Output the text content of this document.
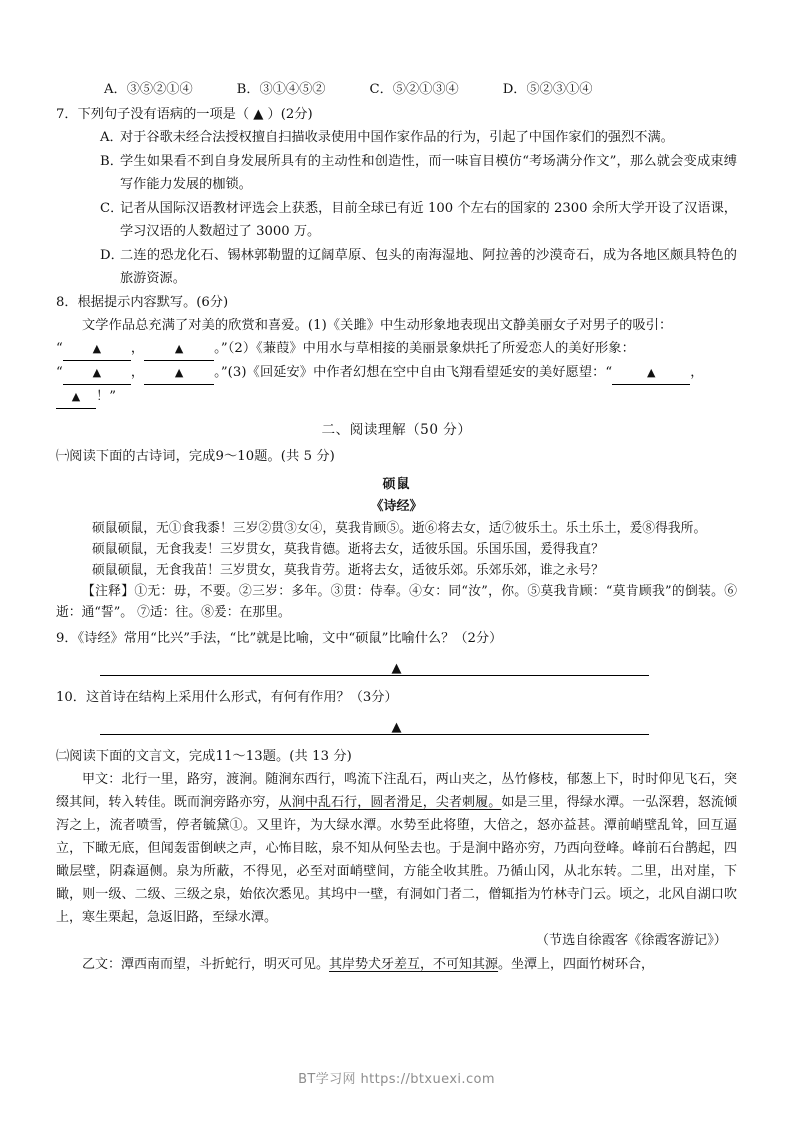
A．③⑤②①④	B．③①④⑤②	C．⑤②①③④	D．⑤②③①④
7．下列句子没有语病的一项是（ ▲ ）(2分)
A．
对于谷歌未经合法授权擅自扫描收录使用中国作家作品的行为，引起了中国作家们的强烈不满。
B．
学生如果看不到自身发展所具有的主动性和创造性，而一味盲目模仿“考场满分作文”，那么就会变成束缚写作能力发展的枷锁。
C．
记者从国际汉语教材评选会上获悉，目前全球已有近 100 个左右的国家的 2300 余所大学开设了汉语课，学习汉语的人数超过了 3000 万。
D．
二连的恐龙化石、锡林郭勒盟的辽阔草原、包头的南海湿地、阿拉善的沙漠奇石，成为各地区颇具特色的旅游资源。
8．根据提示内容默写。(6分)
文学作品总充满了对美的欣赏和喜爱。(1)《关雎》中生动形象地表现出文静美丽女子对男子的吸引：
“	▲ ，	▲ 。”（2）《蒹葭》中用水与草相接的美丽景象烘托了所爱恋人的美好形象：
“	▲ ，	▲ 。”(3)《回延安》中作者幻想在空中自由飞翔看望延安的美好愿望：“	▲	，
▲ ！”
二、阅读理解（50 分）
㈠阅读下面的古诗词，完成9～10题。(共 5 分)
硕鼠
《诗经》
硕鼠硕鼠，无①食我黍！三岁②贯③女④，莫我肯顾⑤。逝⑥将去女，适⑦彼乐土。乐土乐土，爰⑧得我所。
硕鼠硕鼠，无食我麦！三岁贯女，莫我肯德。逝将去女，适彼乐国。乐国乐国，爰得我直？
硕鼠硕鼠，无食我苗！三岁贯女，莫我肯劳。逝将去女，适彼乐郊。乐郊乐郊，谁之永号？
【注释】①无：毋，不要。②三岁：多年。③贯：侍奉。④女：同“汝”，你。⑤莫我肯顾：“莫肯顾我”的倒装。⑥逝：通“誓”。 ⑦适：往。⑧爰：在那里。
9．《诗经》常用“比兴”手法，“比”就是比喻，文中“硕鼠”比喻什么？（2分）
▲
10．这首诗在结构上采用什么形式，有何有作用？（3分）
▲
㈡阅读下面的文言文，完成11～13题。(共 13 分)
甲文：北行一里，路穷，渡涧。随涧东西行，鸣流下注乱石，两山夹之，丛竹修枝，郁葱上下，时时仰见飞石，突缀其间，转入转佳。既而涧旁路亦穷，从涧中乱石行，圆者滑足，尖者刺履。如是三里，得绿水潭。一弘深碧，怒流倾泻之上，流者喷雪，停者毓黛①。又里许，为大绿水潭。水势至此将堕，大倍之，怒亦益甚。潭前峭壁乱耸，回互逼立，下瞰无底，但闻轰雷倒峡之声，心怖目眩，泉不知从何坠去也。于是涧中路亦穷，乃西向登峰。峰前石台鹊起，四瞰层壁，阴森逼侧。泉为所蔽，不得见，必至对面峭壁间，方能全收其胜。乃循山冈，从北东转。二里，出对崖，下瞰，则一级、二级、三级之泉，始依次悉见。其坞中一壁，有洞如门者二，僧辄指为竹林寺门云。顷之，北风自湖口吹上，寒生栗起，急返旧路，至绿水潭。
（节选自徐霞客《徐霞客游记》）
乙文：潭西南而望，斗折蛇行，明灭可见。其岸势犬牙差互，不可知其源。坐潭上，四面竹树环合，
BT学习网 https://btxuexi.com
